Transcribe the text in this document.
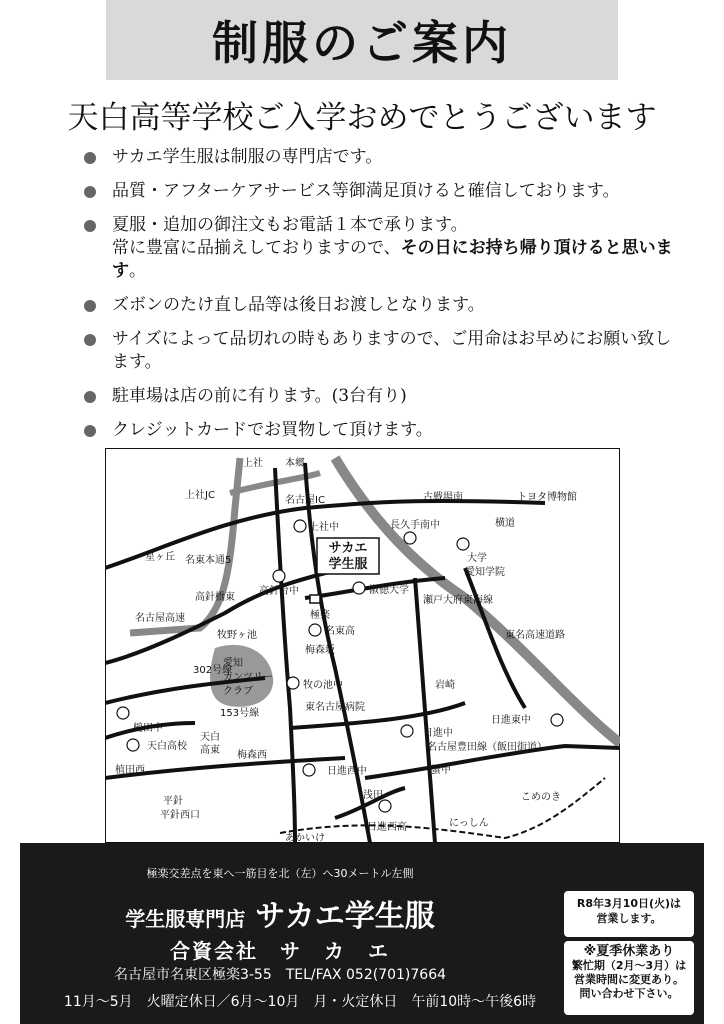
制服のご案内
天白高等学校ご入学おめでとうございます
サカエ学生服は制服の専門店です。
品質・アフターケアサービス等御満足頂けると確信しております。
夏服・追加の御注文もお電話１本で承ります。
常に豊富に品揃えしておりますので、その日にお持ち帰り頂けると思います。
ズボンのたけ直し品等は後日お渡しとなります。
サイズによって品切れの時もありますので、ご用命はお早めにお願い致します。
駐車場は店の前に有ります。(3台有り)
クレジットカードでお買物して頂けます。
サカエ
学生服
上社 本郷
上社JC	名古屋IC	古戦場南	トヨタ博物館
横道
上社中	長久手南中
大学
愛知学院
星ヶ丘 名東本通5
高針台中	淑徳大学
高針橋東
名古屋高速
牧野ヶ池
極楽
名東高
梅森坂
瀬戸大府東海線
東名高速道路
愛知
カンツリー
クラブ
302号線
153号線
牧の池中	岩崎
東名古屋病院
槌田中
天白
天白高校 高東 梅森西
日進中
日進東中
名古屋豊田線（飯田街道）
植田西	日進西中	蟹甲
平針
平針西口
浅田	こめのき
日進西高	にっしん
あかいけ
極楽交差点を東へ一筋目を北（左）へ30メートル左側
学生服専門店 サカエ学生服
合資会社　サ　カ　エ
名古屋市名東区極楽3-55　TEL/FAX 052(701)7664
11月～5月　火曜定休日／6月～10月　月・火定休日　午前10時～午後6時
R8年3月10日(火)は
営業します。
※夏季休業あり
繁忙期（2月～3月）は
営業時間に変更あり。
問い合わせ下さい。
